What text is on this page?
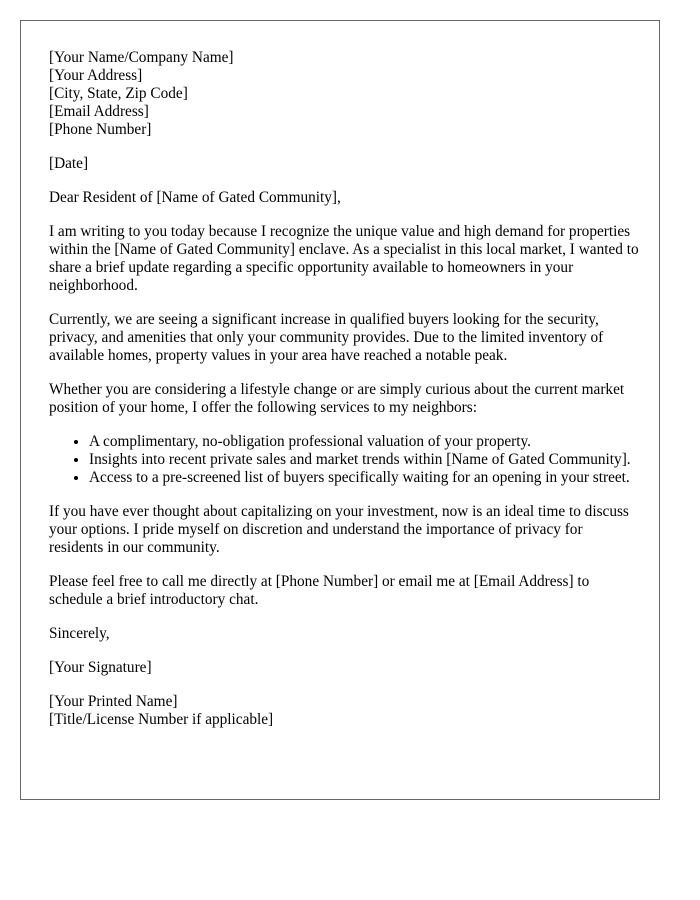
[Your Name/Company Name]
[Your Address]
[City, State, Zip Code]
[Email Address]
[Phone Number]

[Date]

Dear Resident of [Name of Gated Community],

I am writing to you today because I recognize the unique value and high demand for properties within the [Name of Gated Community] enclave. As a specialist in this local market, I wanted to share a brief update regarding a specific opportunity available to homeowners in your neighborhood.

Currently, we are seeing a significant increase in qualified buyers looking for the security, privacy, and amenities that only your community provides. Due to the limited inventory of available homes, property values in your area have reached a notable peak.

Whether you are considering a lifestyle change or are simply curious about the current market position of your home, I offer the following services to my neighbors:

• A complimentary, no-obligation professional valuation of your property.
• Insights into recent private sales and market trends within [Name of Gated Community].
• Access to a pre-screened list of buyers specifically waiting for an opening in your street.

If you have ever thought about capitalizing on your investment, now is an ideal time to discuss your options. I pride myself on discretion and understand the importance of privacy for residents in our community.

Please feel free to call me directly at [Phone Number] or email me at [Email Address] to schedule a brief introductory chat.

Sincerely,

[Your Signature]

[Your Printed Name]
[Title/License Number if applicable]
